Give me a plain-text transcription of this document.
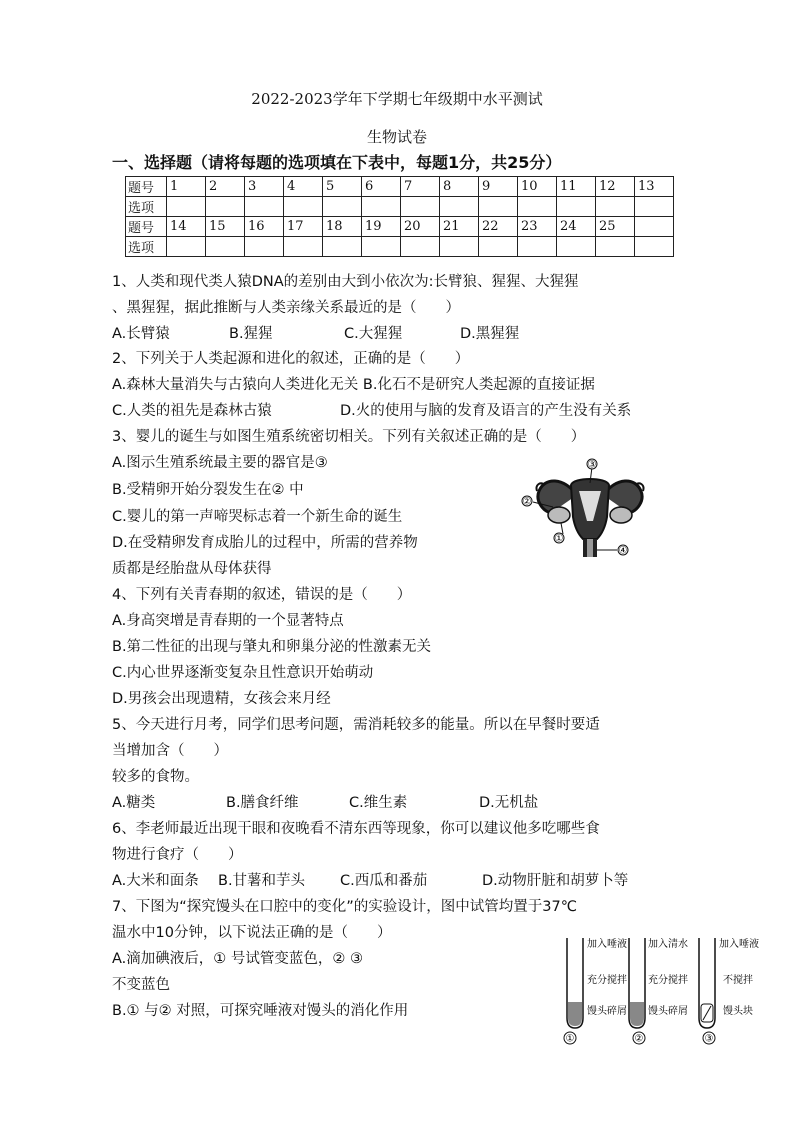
2022-2023学年下学期七年级期中水平测试
生物试卷
一、选择题（请将每题的选项填在下表中，每题1分，共25分）
题号	1	2	3	4	5	6	7	8	9	10	11	12	13
选项													
题号	14	15	16	17	18	19	20	21	22	23	24	25	
选项													
1、人类和现代类人猿DNA的差别由大到小依次为:长臂狼、猩猩、大猩猩
、黑猩猩，据此推断与人类亲缘关系最近的是（　　）
A.长臂猿	B.猩猩	C.大猩猩	D.黑猩猩
2、下列关于人类起源和进化的叙述，正确的是（　　）
A.森林大量消失与古猿向人类进化无关 B.化石不是研究人类起源的直接证据
C.人类的祖先是森林古猿	D.火的使用与脑的发育及语言的产生没有关系
3、婴儿的诞生与如图生殖系统密切相关。下列有关叙述正确的是（　　）
A.图示生殖系统最主要的器官是③
B.受精卵开始分裂发生在② 中
C.婴儿的第一声啼哭标志着一个新生命的诞生
D.在受精卵发育成胎儿的过程中，所需的营养物
质都是经胎盘从母体获得
③
②
①
④
4、下列有关青春期的叙述，错误的是（　　）
A.身高突增是青春期的一个显著特点
B.第二性征的出现与肇丸和卵巢分泌的性激素无关
C.内心世界逐渐变复杂且性意识开始萌动
D.男孩会出现遗精，女孩会来月经
5、今天进行月考，同学们思考问题，需消耗较多的能量。所以在早餐时要适
当增加含（　　）
较多的食物。
A.糖类	B.膳食纤维	C.维生素	D.无机盐
6、李老师最近出现干眼和夜晚看不清东西等现象，你可以建议他多吃哪些食
物进行食疗（　　）
A.大米和面条 B.甘薯和芋头 C.西瓜和番茄	D.动物肝脏和胡萝卜等
7、下图为“探究馒头在口腔中的变化”的实验设计，图中试管均置于37℃
温水中10分钟，以下说法正确的是（　　）
A.滴加碘液后，① 号试管变蓝色，② ③
不变蓝色
B.① 与② 对照，可探究唾液对馒头的消化作用
加入唾液
充分搅拌
馒头碎屑
①
加入清水
充分搅拌
馒头碎屑
②
加入唾液
不搅拌
馒头块
③
